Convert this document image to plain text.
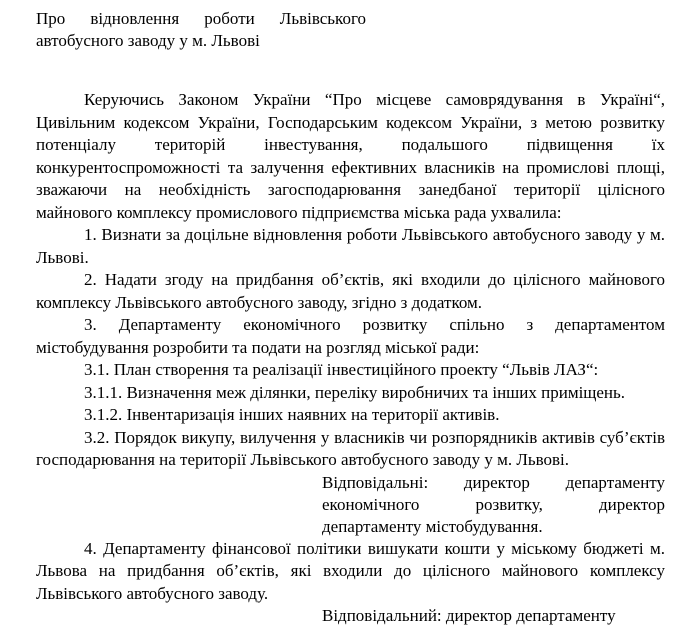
Про відновлення роботи Львівського
автобусного заводу у м. Львові

Керуючись Законом України “Про місцеве самоврядування в Україні“, Цивільним кодексом України, Господарським кодексом України, з метою розвитку потенціалу територій інвестування, подальшого підвищення їх конкурентоспроможності та залучення ефективних власників на промислові площі, зважаючи на необхідність загосподарювання занедбаної території цілісного майнового комплексу промислового підприємства міська рада ухвалила:

1. Визнати за доцільне відновлення роботи Львівського автобусного заводу у м. Львові.

2. Надати згоду на придбання об’єктів, які входили до цілісного майнового комплексу Львівського автобусного заводу, згідно з додатком.

3. Департаменту економічного розвитку спільно з департаментом містобудування розробити та подати на розгляд міської ради:

3.1. План створення та реалізації інвестиційного проекту “Львів ЛАЗ“:

3.1.1. Визначення меж ділянки, переліку виробничих та інших приміщень.

3.1.2. Інвентаризація інших наявних на території активів.

3.2. Порядок викупу, вилучення у власників чи розпорядників активів суб’єктів господарювання на території Львівського автобусного заводу у м. Львові.

Відповідальні: директор департаменту
економічного розвитку, директор
департаменту містобудування.

4. Департаменту фінансової політики вишукати кошти у міському бюджеті м. Львова на придбання об’єктів, які входили до цілісного майнового комплексу Львівського автобусного заводу.

Відповідальний: директор департаменту
